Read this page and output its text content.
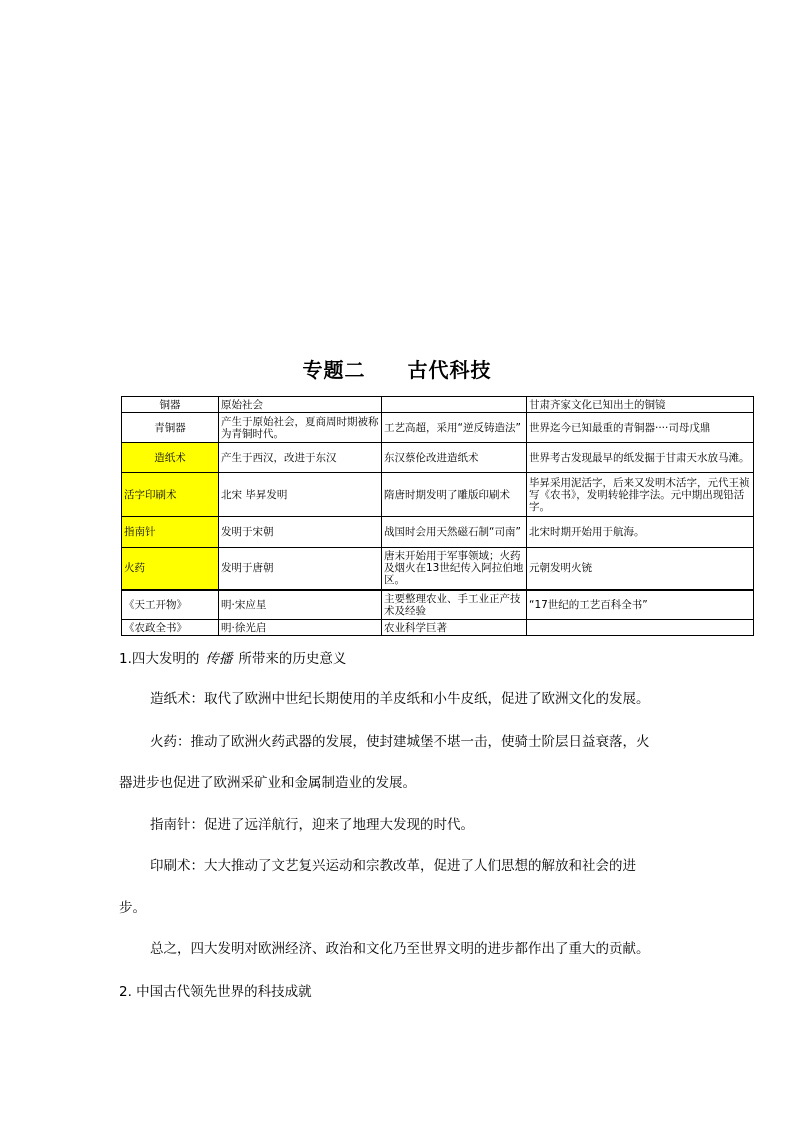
专题二 古代科技
铜器	原始社会		甘肃齐家文化已知出土的铜镜
青铜器	产生于原始社会，夏商周时期被称为青铜时代。	工艺高超，采用“逆反铸造法”	世界迄今已知最重的青铜器····司母戊鼎
造纸术	产生于西汉，改进于东汉	东汉蔡伦改进造纸术	世界考古发现最早的纸发掘于甘肃天水放马滩。
活字印刷术	北宋 毕昇发明	隋唐时期发明了雕版印刷术	毕昇采用泥活字，后来又发明木活字，元代王祯写《农书》，发明转轮排字法。元中期出现铅活字。
指南针	发明于宋朝	战国时会用天然磁石制“司南”	北宋时期开始用于航海。
火药	发明于唐朝	唐末开始用于军事领域；火药及烟火在13世纪传入阿拉伯地区。	元朝发明火铳
《天工开物》	明·宋应星	主要整理农业、手工业正产技术及经验	“17世纪的工艺百科全书”
《农政全书》	明·徐光启	农业科学巨著	
1.四大发明的 传播 所带来的历史意义
造纸术：取代了欧洲中世纪长期使用的羊皮纸和小牛皮纸，促进了欧洲文化的发展。
火药：推动了欧洲火药武器的发展，使封建城堡不堪一击，使骑士阶层日益衰落，火
器进步也促进了欧洲采矿业和金属制造业的发展。
指南针：促进了远洋航行，迎来了地理大发现的时代。
印刷术：大大推动了文艺复兴运动和宗教改革，促进了人们思想的解放和社会的进
步。
总之，四大发明对欧洲经济、政治和文化乃至世界文明的进步都作出了重大的贡献。
2. 中国古代领先世界的科技成就
